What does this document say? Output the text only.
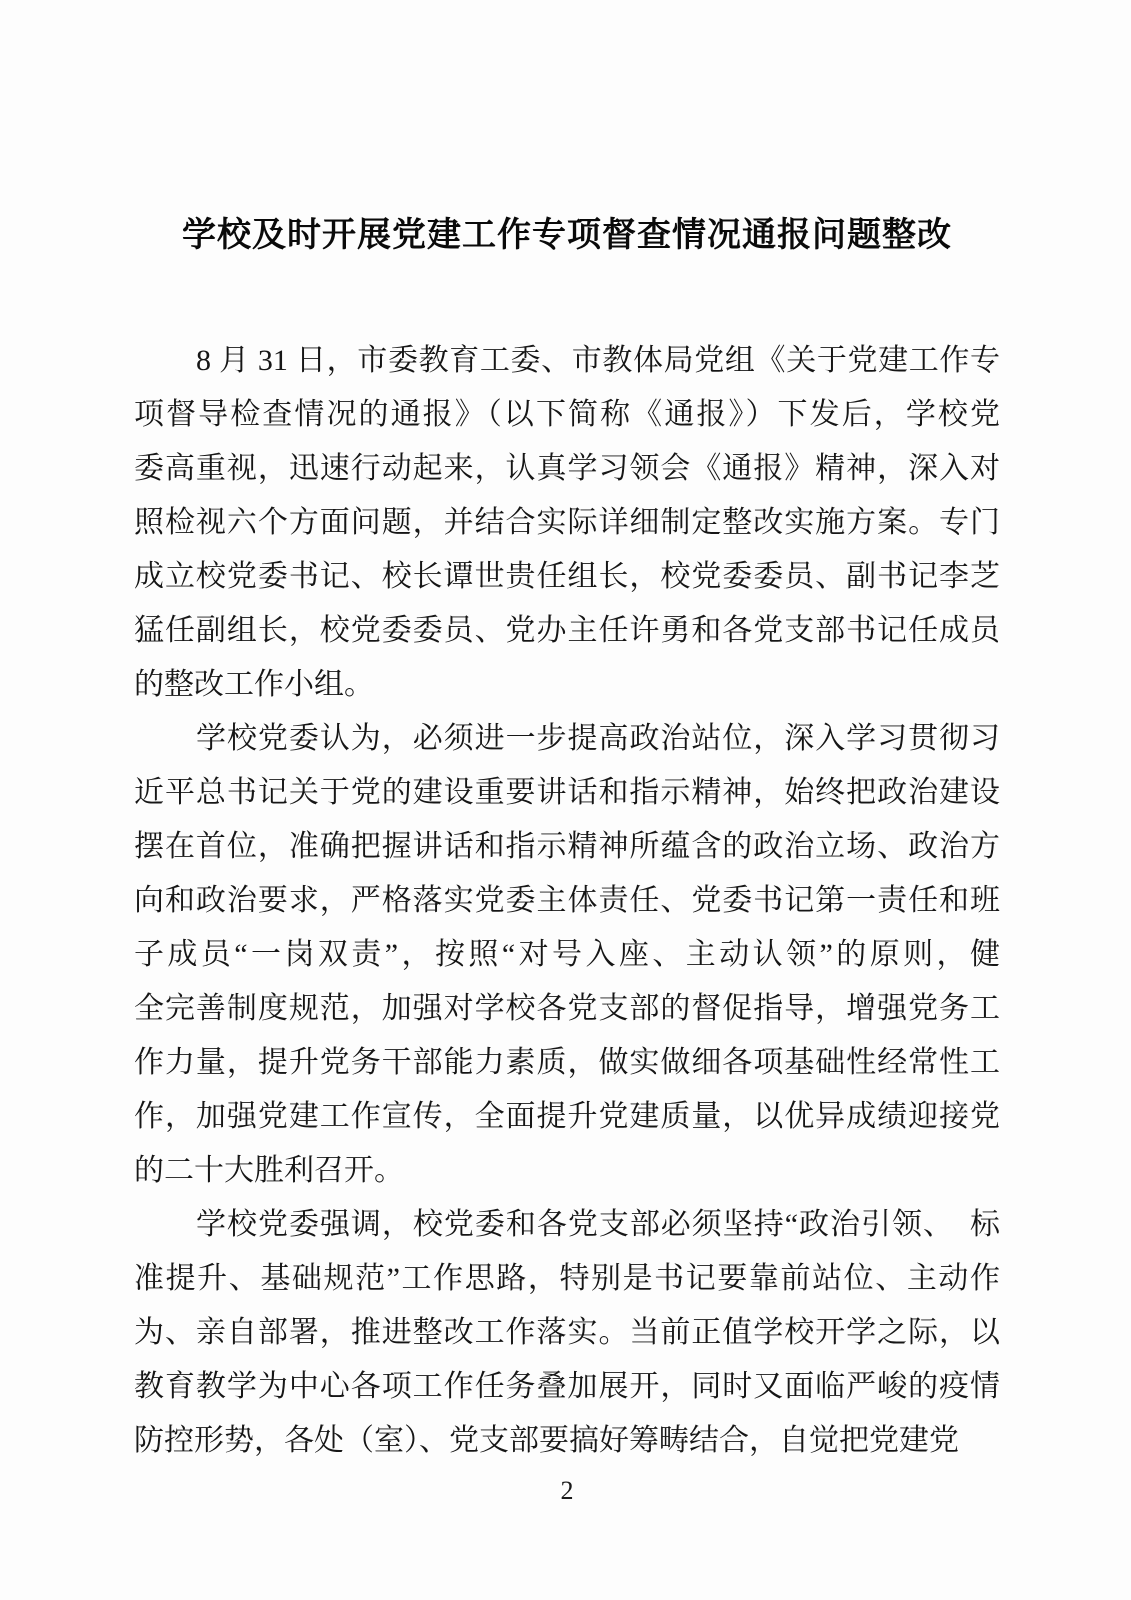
学校及时开展党建工作专项督查情况通报问题整改
8 月 31 日，市委教育工委、市教体局党组《关于党建工作专
项督导检查情况的通报》（以下简称《通报》）下发后，学校党
委高重视，迅速行动起来，认真学习领会《通报》精神，深入对
照检视六个方面问题，并结合实际详细制定整改实施方案。专门
成立校党委书记、校长谭世贵任组长，校党委委员、副书记李芝
猛任副组长，校党委委员、党办主任许勇和各党支部书记任成员
的整改工作小组。
学校党委认为，必须进一步提高政治站位，深入学习贯彻习
近平总书记关于党的建设重要讲话和指示精神，始终把政治建设
摆在首位，准确把握讲话和指示精神所蕴含的政治立场、政治方
向和政治要求，严格落实党委主体责任、党委书记第一责任和班
子成员“一岗双责”，按照“对号入座、主动认领”的原则，健
全完善制度规范，加强对学校各党支部的督促指导，增强党务工
作力量，提升党务干部能力素质，做实做细各项基础性经常性工
作，加强党建工作宣传，全面提升党建质量，以优异成绩迎接党
的二十大胜利召开。
学校党委强调，校党委和各党支部必须坚持“政治引领、　标
准提升、基础规范”工作思路，特别是书记要靠前站位、主动作
为、亲自部署，推进整改工作落实。当前正值学校开学之际，以
教育教学为中心各项工作任务叠加展开，同时又面临严峻的疫情
防控形势，各处（室）、党支部要搞好筹畴结合，自觉把党建党
2
